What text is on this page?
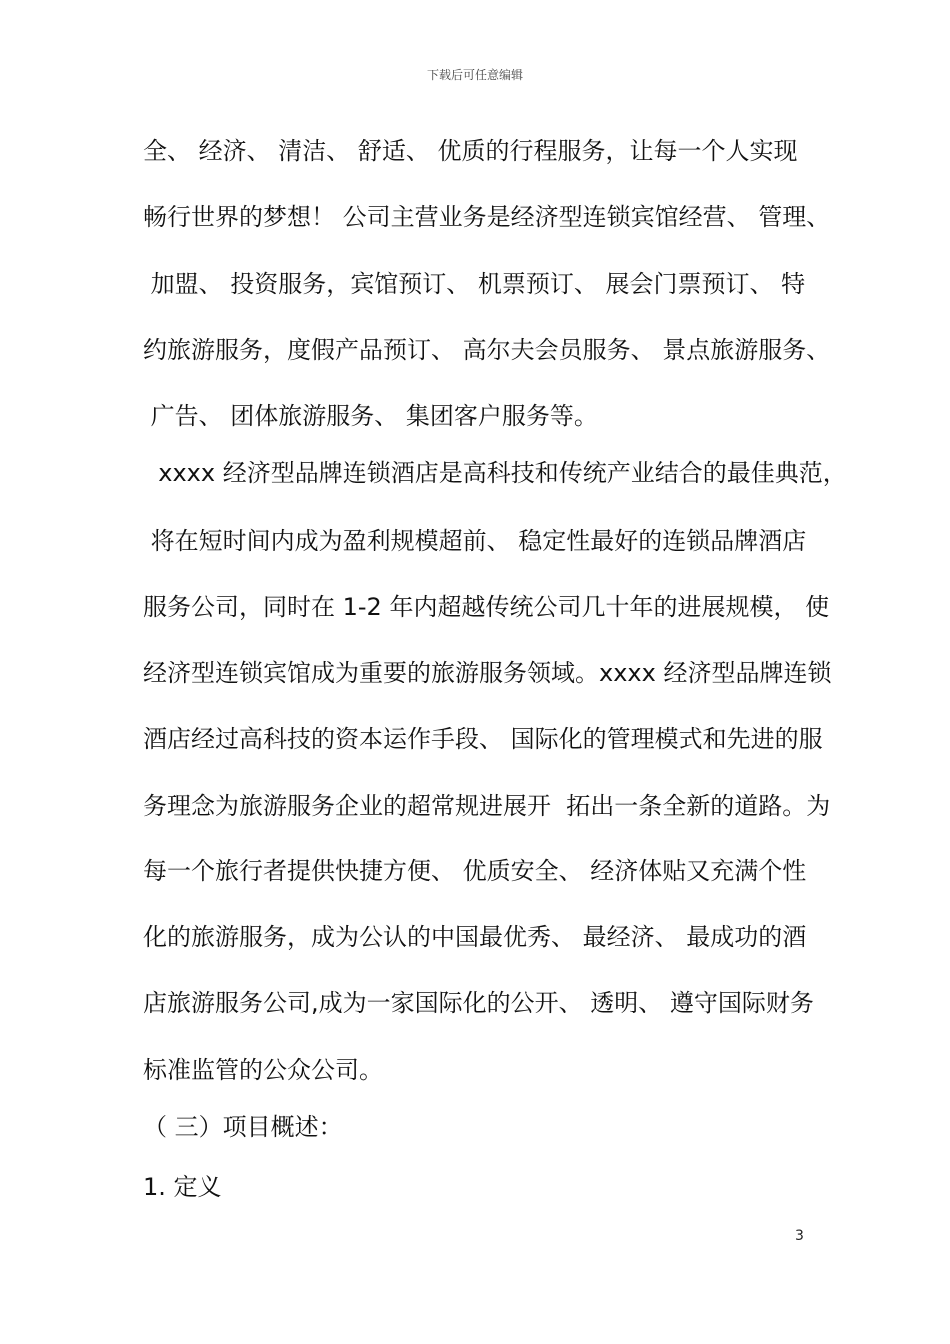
下载后可任意编辑
全、 经济、 清洁、 舒适、 优质的行程服务，让每一个人实现
畅行世界的梦想！ 公司主营业务是经济型连锁宾馆经营、 管理、
加盟、 投资服务，宾馆预订、 机票预订、 展会门票预订、 特
约旅游服务，度假产品预订、 高尔夫会员服务、 景点旅游服务、
广告、 团体旅游服务、 集团客户服务等。
xxxx 经济型品牌连锁酒店是高科技和传统产业结合的最佳典范，
将在短时间内成为盈利规模超前、 稳定性最好的连锁品牌酒店
服务公司，同时在 1-2 年内超越传统公司几十年的进展规模， 使
经济型连锁宾馆成为重要的旅游服务领域。xxxx 经济型品牌连锁
酒店经过高科技的资本运作手段、 国际化的管理模式和先进的服
务理念为旅游服务企业的超常规进展开  拓出一条全新的道路。为
每一个旅行者提供快捷方便、 优质安全、 经济体贴又充满个性
化的旅游服务，成为公认的中国最优秀、 最经济、 最成功的酒
店旅游服务公司,成为一家国际化的公开、 透明、 遵守国际财务
标准监管的公众公司。
（ 三）项目概述：
1. 定义
3
